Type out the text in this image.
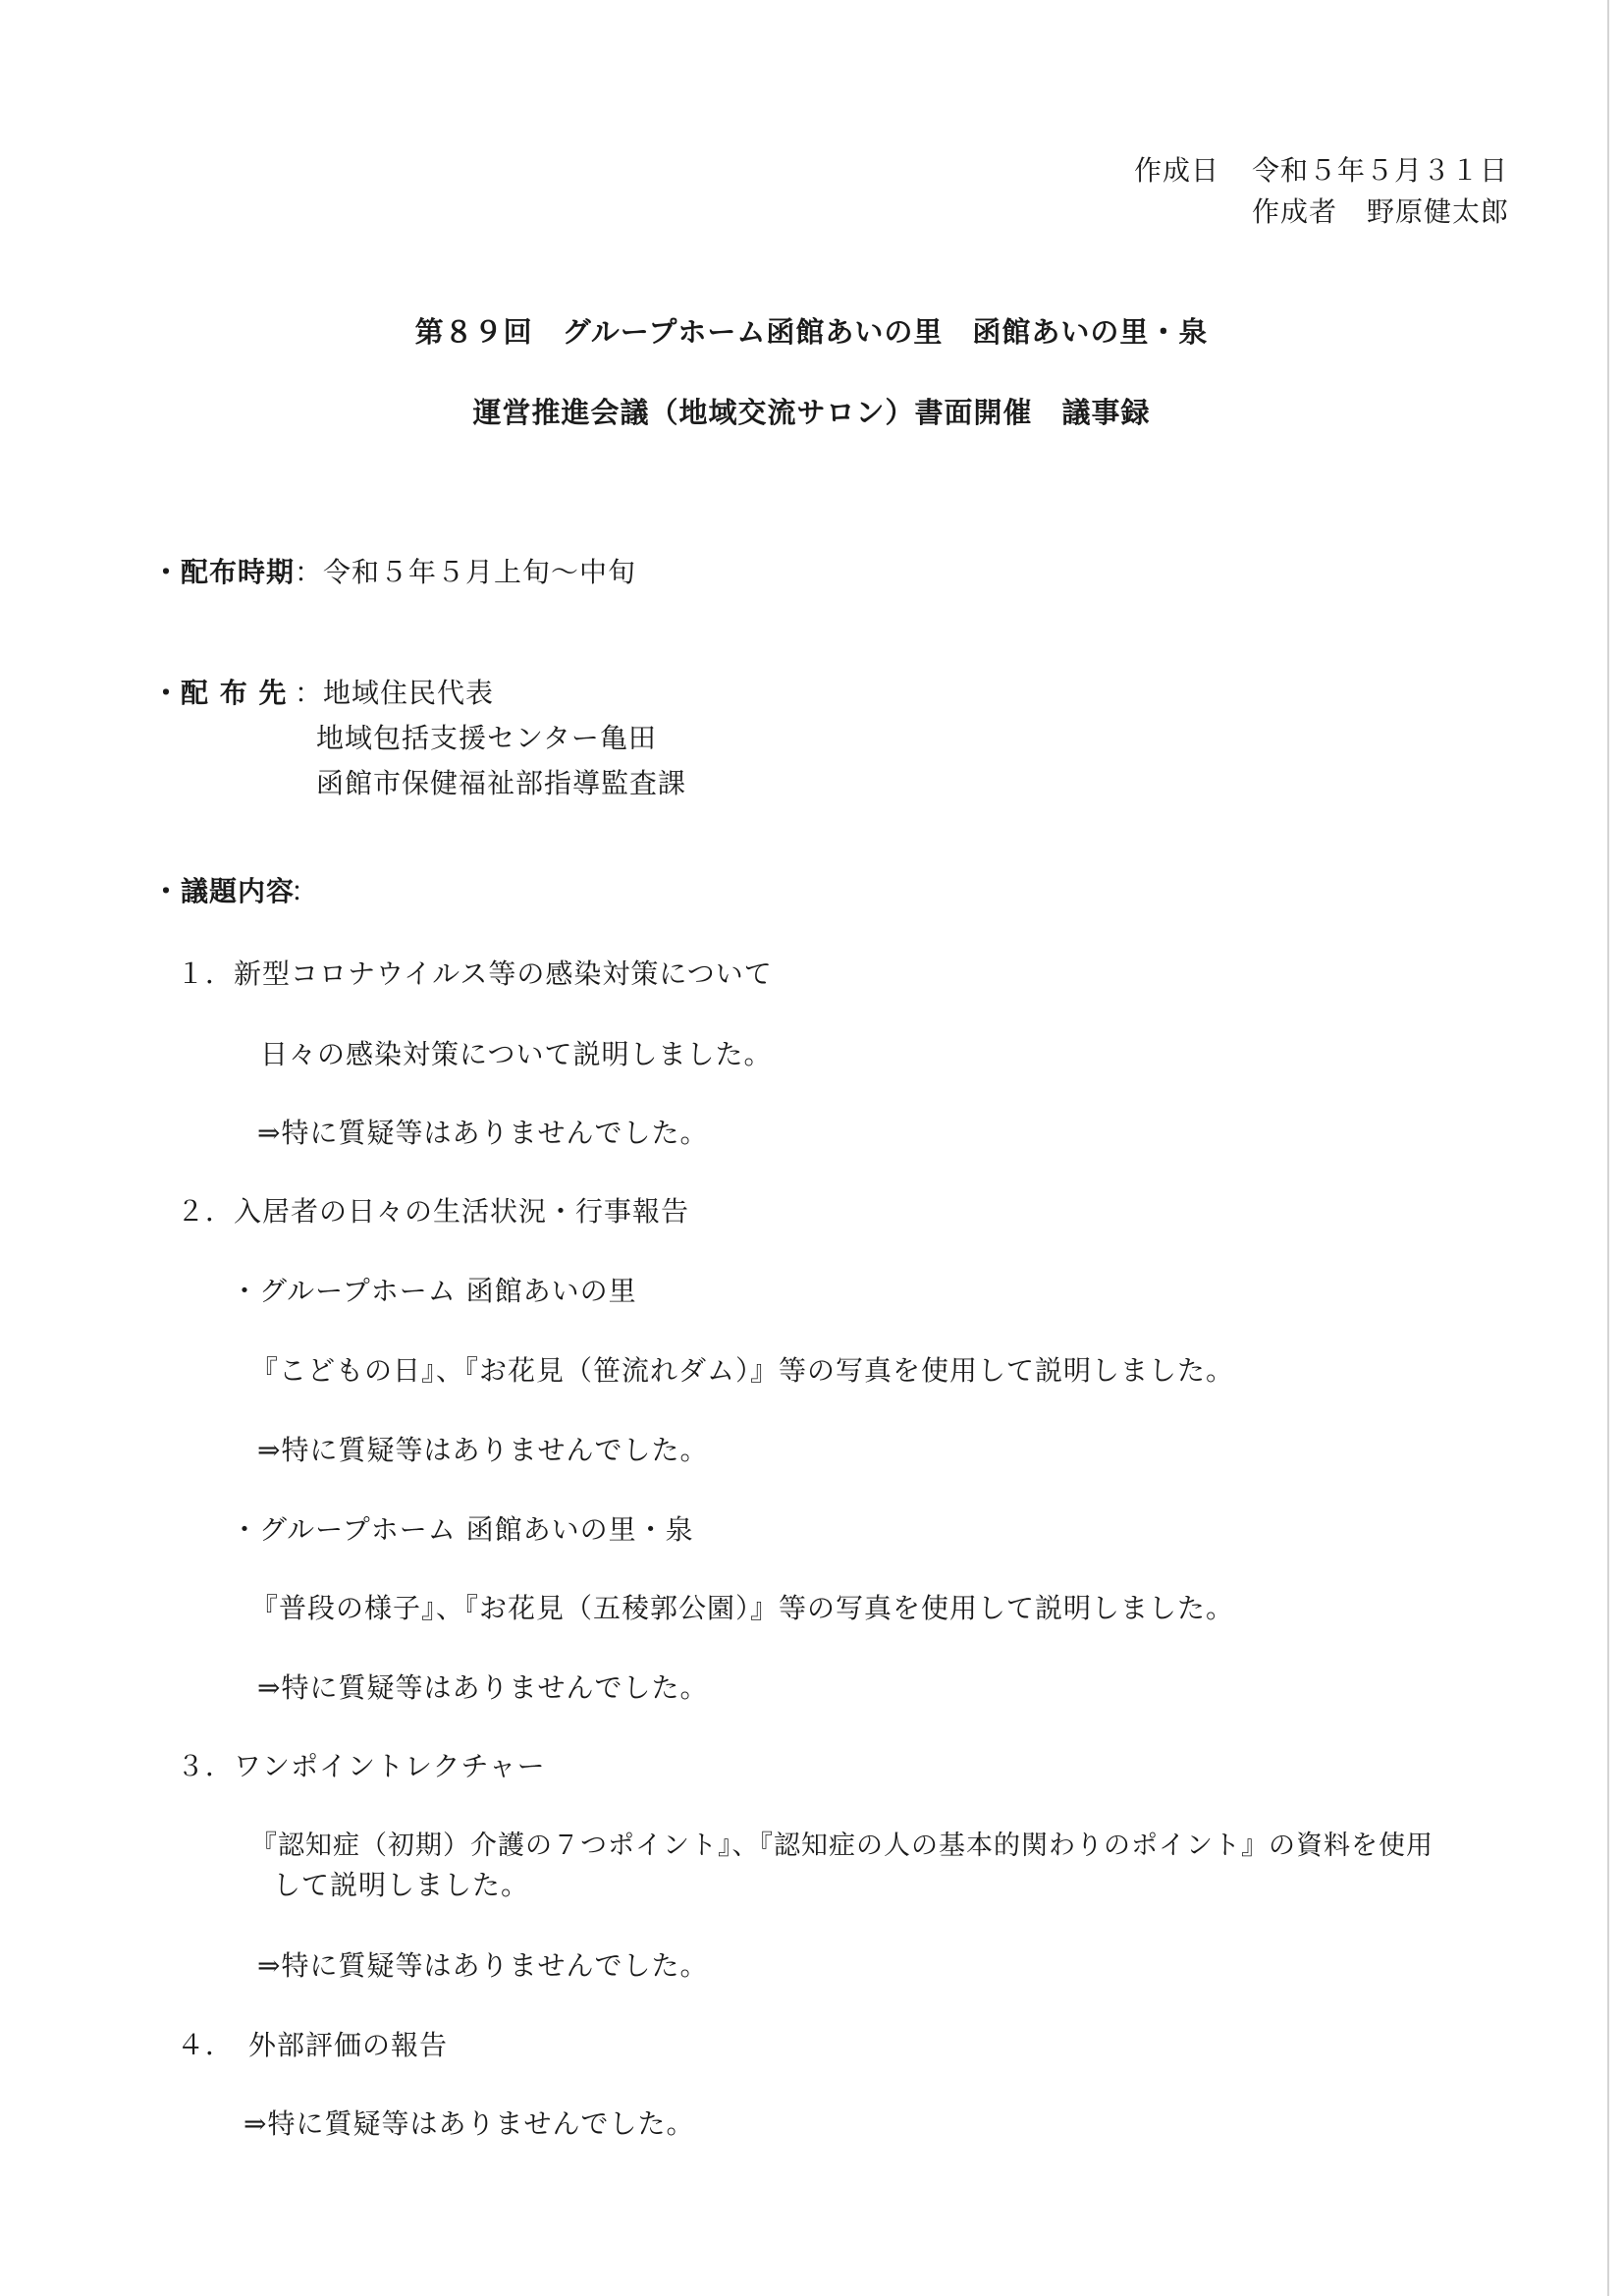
作成日 令和５年５月３１日
作成者 野原健太郎
第８９回　グループホーム函館あいの里　函館あいの里・泉
運営推進会議（地域交流サロン）書面開催　議事録
・配布時期 ：令和５年５月上旬～中旬
・配 布 先 ：地域住民代表
地域包括支援センター亀田
函館市保健福祉部指導監査課
・議題内容
：
１．新型コロナウイルス等の感染対策について
日々の感染対策について説明しました。
⇒特に質疑等はありませんでした。
２．入居者の日々の生活状況・行事報告
・グループホーム 函館あいの里
『こどもの日』、『お花見（笹流れダム）』等の写真を使用して説明しました。
⇒特に質疑等はありませんでした。
・グループホーム 函館あいの里・泉
『普段の様子』、『お花見（五稜郭公園）』等の写真を使用して説明しました。
⇒特に質疑等はありませんでした。
３．ワンポイントレクチャー
『認知症（初期）介護の７つポイント』、『認知症の人の基本的関わりのポイント』の資料を使用
して説明しました。
⇒特に質疑等はありませんでした。
４．　外部評価の報告
⇒特に質疑等はありませんでした。
